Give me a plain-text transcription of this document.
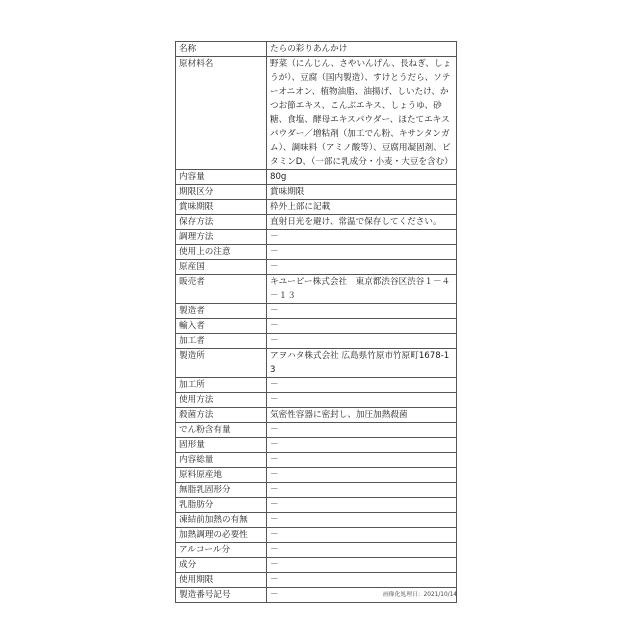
名称	たらの彩りあんかけ
原材料名	野菜（にんじん、さやいんげん、長ねぎ、しょうが）、豆腐（国内製造）、すけとうだら、ソテーオニオン、植物油脂、油揚げ、しいたけ、かつお節エキス、こんぶエキス、しょうゆ、砂糖、食塩、酵母エキスパウダー、ほたてエキスパウダー／増粘剤（加工でん粉、キサンタンガム）、調味料（アミノ酸等）、豆腐用凝固剤、ビタミンD、（一部に乳成分・小麦・大豆を含む）
内容量	80g
期限区分	賞味期限
賞味期限	枠外上部に記載
保存方法	直射日光を避け、常温で保存してください。
調理方法	－
使用上の注意	－
原産国	－
販売者	キユーピー株式会社　東京都渋谷区渋谷１－４－１３
製造者	－
輸入者	－
加工者	－
製造所	アヲハタ株式会社 広島県竹原市竹原町1678-13
加工所	－
使用方法	－
殺菌方法	気密性容器に密封し、加圧加熱殺菌
でん粉含有量	－
固形量	－
内容総量	－
原料原産地	－
無脂乳固形分	－
乳脂肪分	－
凍結前加熱の有無	－
加熱調理の必要性	－
アルコール分	－
成分	－
使用期限	－
製造番号記号	－	画像化処理日：2021/10/14
